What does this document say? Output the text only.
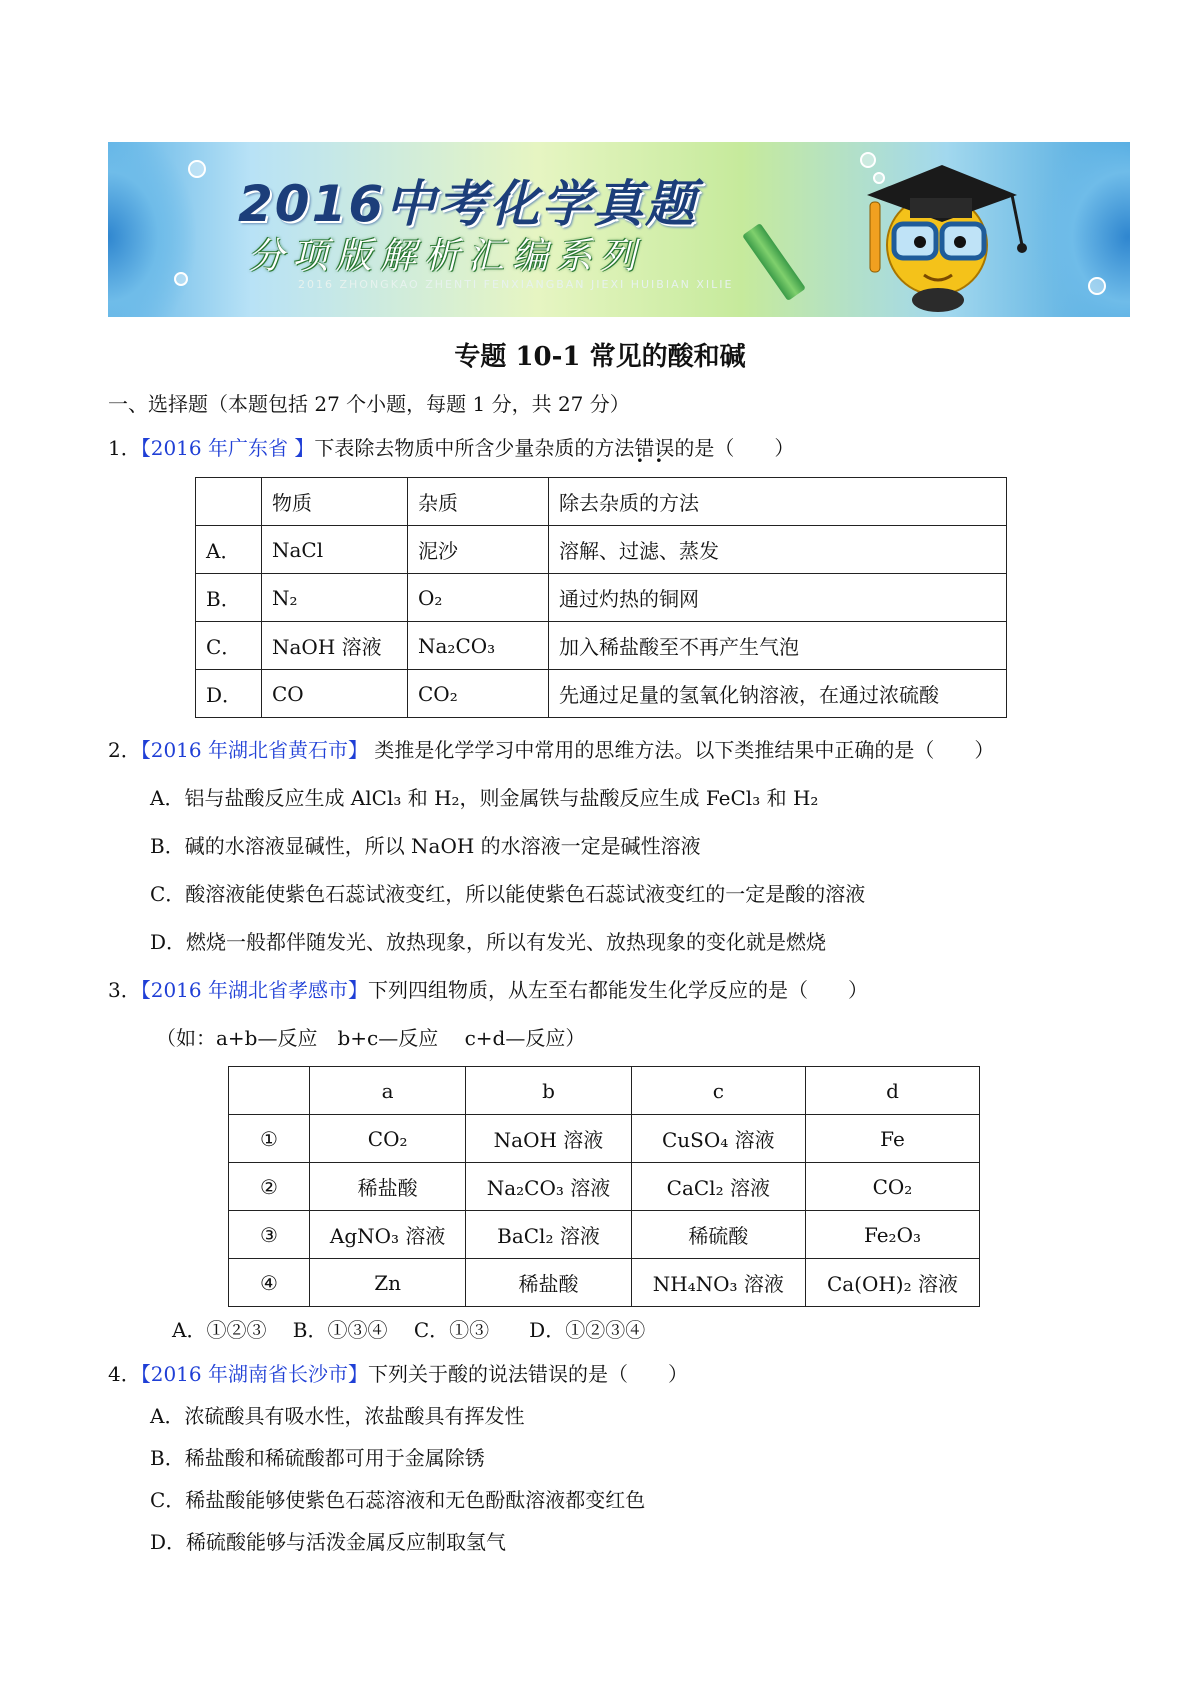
2016中考化学真题
分项版解析汇编系列
2016 ZHONGKAO ZHENTI FENXIANGBAN JIEXI HUIBIAN XILIE
专题 10-1 常见的酸和碱
一、选择题（本题包括 27 个小题，每题 1 分，共 27 分）
1．【2016 年广东省 】下表除去物质中所含少量杂质的方法错误 ··的是（　　）
	物质	杂质	除去杂质的方法
A．	NaCl	泥沙	溶解、过滤、蒸发
B．	N₂	O₂	通过灼热的铜网
C．	NaOH 溶液	Na₂CO₃	加入稀盐酸至不再产生气泡
D．	CO	CO₂	先通过足量的氢氧化钠溶液，在通过浓硫酸
2．【2016 年湖北省黄石市】 类推是化学学习中常用的思维方法。以下类推结果中正确的是（　　）
A．铝与盐酸反应生成 AlCl₃ 和 H₂，则金属铁与盐酸反应生成 FeCl₃ 和 H₂
B．碱的水溶液显碱性，所以 NaOH 的水溶液一定是碱性溶液
C．酸溶液能使紫色石蕊试液变红，所以能使紫色石蕊试液变红的一定是酸的溶液
D．燃烧一般都伴随发光、放热现象，所以有发光、放热现象的变化就是燃烧
3．【2016 年湖北省孝感市】下列四组物质，从左至右都能发生化学反应的是（　　）
（如：a+b—反应　b+c—反应　 c+d—反应）
	a	b	c	d
①	CO₂	NaOH 溶液	CuSO₄ 溶液	Fe
②	稀盐酸	Na₂CO₃ 溶液	CaCl₂ 溶液	CO₂
③	AgNO₃ 溶液	BaCl₂ 溶液	稀硫酸	Fe₂O₃
④	Zn	稀盐酸	NH₄NO₃ 溶液	Ca(OH)₂ 溶液
A．①②③　 B．①③④　 C．①③　　D．①②③④
4．【2016 年湖南省长沙市】下列关于酸的说法错误的是（　　）
A．浓硫酸具有吸水性，浓盐酸具有挥发性
B．稀盐酸和稀硫酸都可用于金属除锈
C．稀盐酸能够使紫色石蕊溶液和无色酚酞溶液都变红色
D．稀硫酸能够与活泼金属反应制取氢气
